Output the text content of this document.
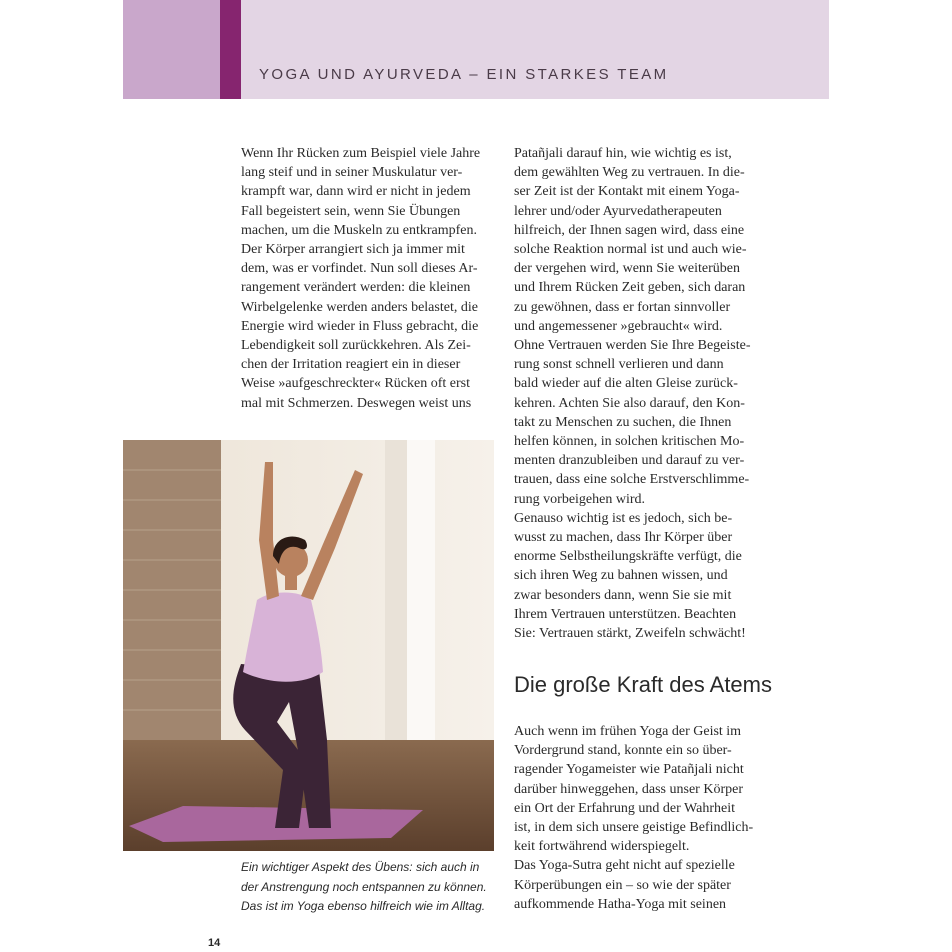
YOGA UND AYURVEDA – EIN STARKES TEAM
Wenn Ihr Rücken zum Beispiel viele Jahre
lang steif und in seiner Muskulatur ver-
krampft war, dann wird er nicht in jedem
Fall begeistert sein, wenn Sie Übungen
machen, um die Muskeln zu entkrampfen.
Der Körper arrangiert sich ja immer mit
dem, was er vorfindet. Nun soll dieses Ar-
rangement verändert werden: die kleinen
Wirbelgelenke werden anders belastet, die
Energie wird wieder in Fluss gebracht, die
Lebendigkeit soll zurückkehren. Als Zei-
chen der Irritation reagiert ein in dieser
Weise »aufgeschreckter« Rücken oft erst
mal mit Schmerzen. Deswegen weist uns
Patañjali darauf hin, wie wichtig es ist,
dem gewählten Weg zu vertrauen. In die-
ser Zeit ist der Kontakt mit einem Yoga-
lehrer und/oder Ayurvedatherapeuten
hilfreich, der Ihnen sagen wird, dass eine
solche Reaktion normal ist und auch wie-
der vergehen wird, wenn Sie weiterüben
und Ihrem Rücken Zeit geben, sich daran
zu gewöhnen, dass er fortan sinnvoller
und angemessener »gebraucht« wird.
Ohne Vertrauen werden Sie Ihre Begeiste-
rung sonst schnell verlieren und dann
bald wieder auf die alten Gleise zurück-
kehren. Achten Sie also darauf, den Kon-
takt zu Menschen zu suchen, die Ihnen
helfen können, in solchen kritischen Mo-
menten dranzubleiben und darauf zu ver-
trauen, dass eine solche Erstverschlimme-
rung vorbeigehen wird.
Genauso wichtig ist es jedoch, sich be-
wusst zu machen, dass Ihr Körper über
enorme Selbstheilungskräfte verfügt, die
sich ihren Weg zu bahnen wissen, und
zwar besonders dann, wenn Sie sie mit
Ihrem Vertrauen unterstützen. Beachten
Sie: Vertrauen stärkt, Zweifeln schwächt!
Die große Kraft des Atems
Auch wenn im frühen Yoga der Geist im
Vordergrund stand, konnte ein so über-
ragender Yogameister wie Patañjali nicht
darüber hinweggehen, dass unser Körper
ein Ort der Erfahrung und der Wahrheit
ist, in dem sich unsere geistige Befindlich-
keit fortwährend widerspiegelt.
Das Yoga-Sutra geht nicht auf spezielle
Körperübungen ein – so wie der später
aufkommende Hatha-Yoga mit seinen
Ein wichtiger Aspekt des Übens: sich auch in
der Anstrengung noch entspannen zu können.
Das ist im Yoga ebenso hilfreich wie im Alltag.
14
